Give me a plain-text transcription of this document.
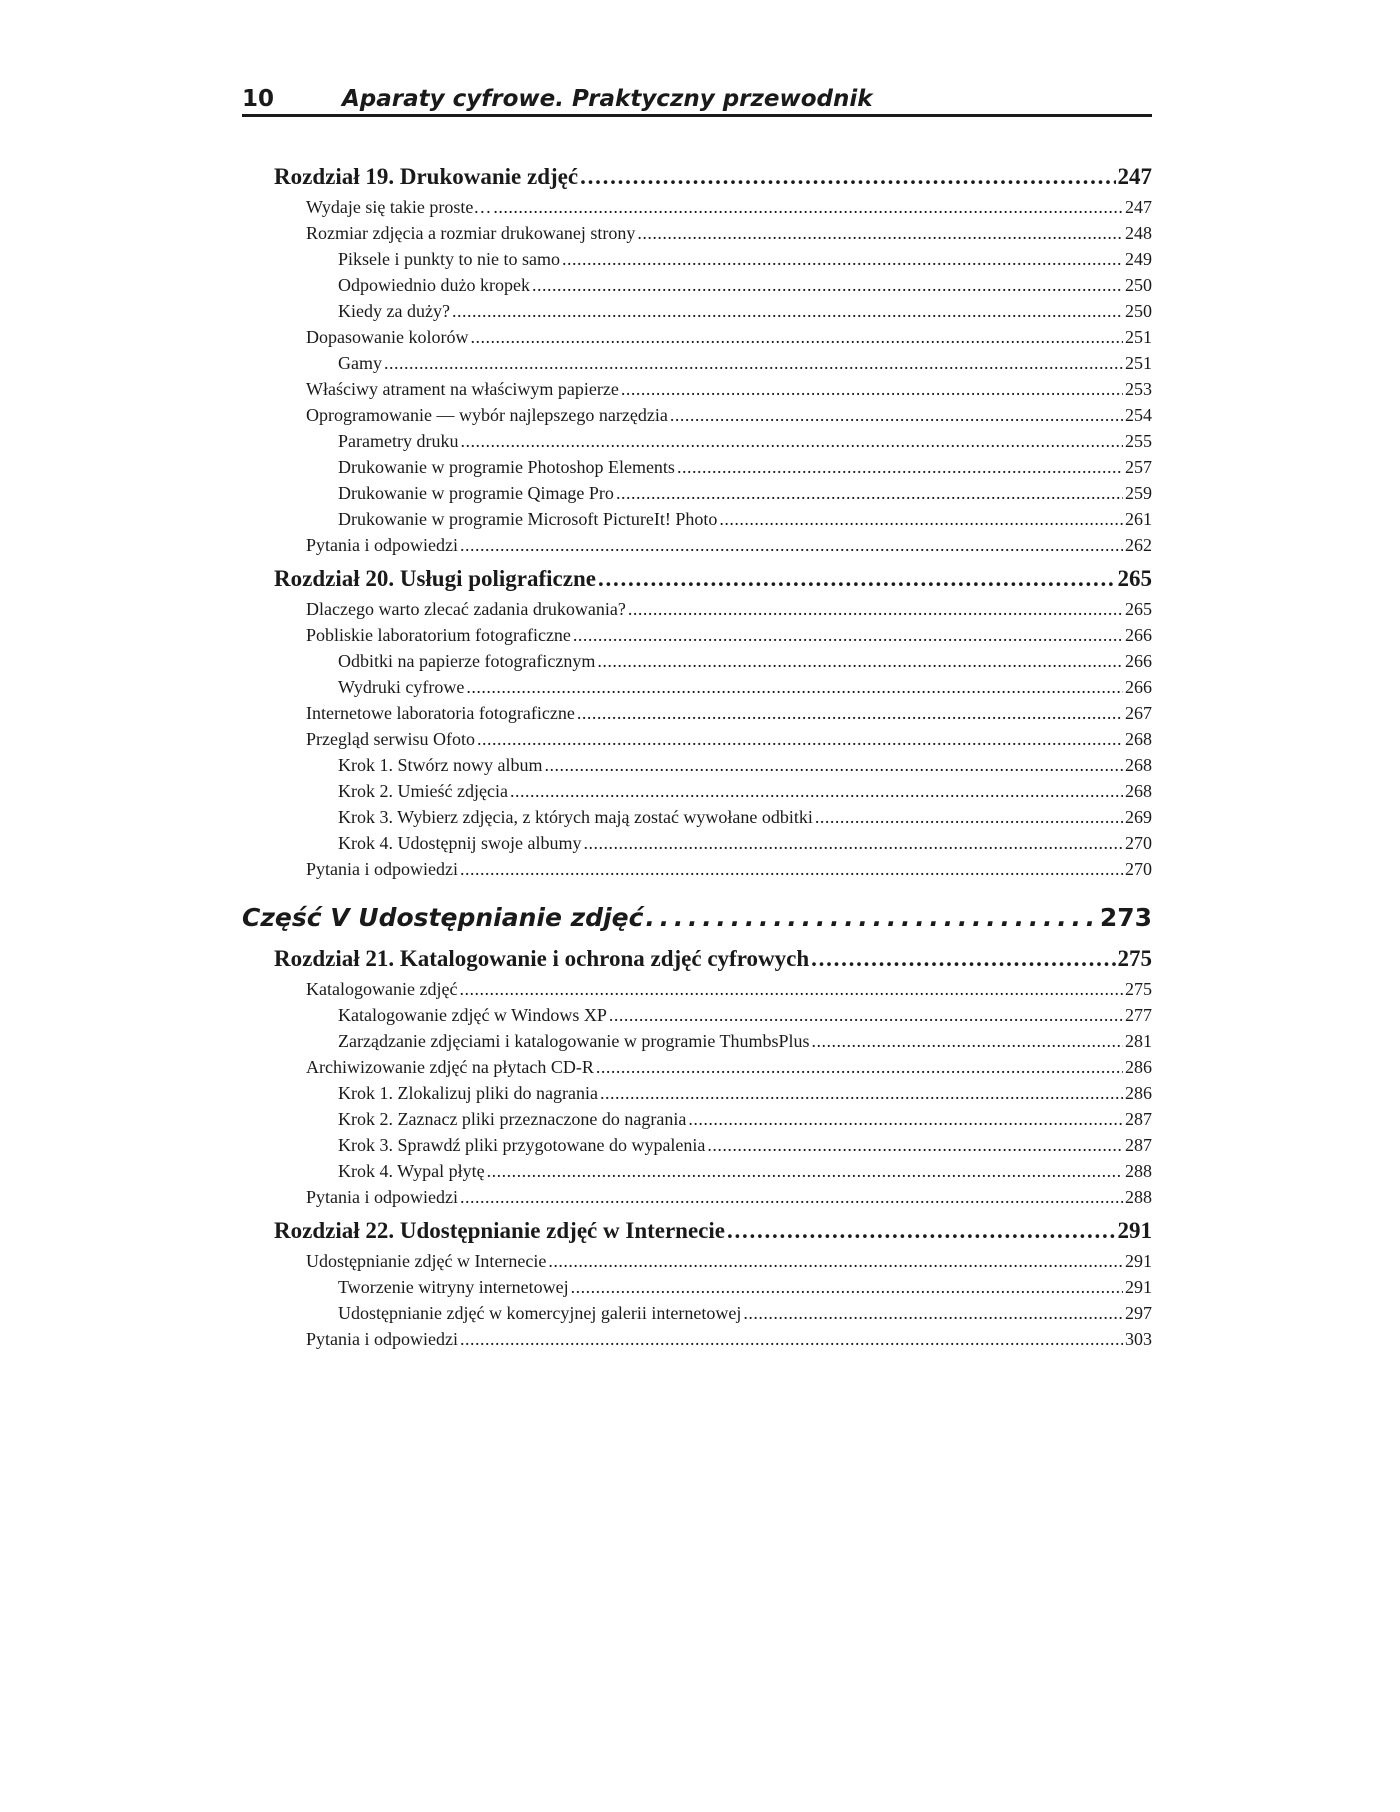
10	Aparaty cyfrowe. Praktyczny przewodnik
Rozdział 19. Drukowanie zdjęć . . .	247
Wydaje się takie proste… . . .	247
Rozmiar zdjęcia a rozmiar drukowanej strony . . .	248
Piksele i punkty to nie to samo . . .	249
Odpowiednio dużo kropek . . .	250
Kiedy za duży? . . .	250
Dopasowanie kolorów . . .	251
Gamy . . .	251
Właściwy atrament na właściwym papierze . . .	253
Oprogramowanie — wybór najlepszego narzędzia . . .	254
Parametry druku . . .	255
Drukowanie w programie Photoshop Elements . . .	257
Drukowanie w programie Qimage Pro . . .	259
Drukowanie w programie Microsoft PictureIt! Photo . . .	261
Pytania i odpowiedzi . . .	262
Rozdział 20. Usługi poligraficzne . . .	265
Dlaczego warto zlecać zadania drukowania? . . .	265
Pobliskie laboratorium fotograficzne . . .	266
Odbitki na papierze fotograficznym . . .	266
Wydruki cyfrowe . . .	266
Internetowe laboratoria fotograficzne . . .	267
Przegląd serwisu Ofoto . . .	268
Krok 1. Stwórz nowy album . . .	268
Krok 2. Umieść zdjęcia . . .	268
Krok 3. Wybierz zdjęcia, z których mają zostać wywołane odbitki . . .	269
Krok 4. Udostępnij swoje albumy . . .	270
Pytania i odpowiedzi . . .	270
Część V Udostępnianie zdjęć . . .	273
Rozdział 21. Katalogowanie i ochrona zdjęć cyfrowych . . .	275
Katalogowanie zdjęć . . .	275
Katalogowanie zdjęć w Windows XP . . .	277
Zarządzanie zdjęciami i katalogowanie w programie ThumbsPlus . . .	281
Archiwizowanie zdjęć na płytach CD-R . . .	286
Krok 1. Zlokalizuj pliki do nagrania . . .	286
Krok 2. Zaznacz pliki przeznaczone do nagrania . . .	287
Krok 3. Sprawdź pliki przygotowane do wypalenia . . .	287
Krok 4. Wypal płytę . . .	288
Pytania i odpowiedzi . . .	288
Rozdział 22. Udostępnianie zdjęć w Internecie . . .	291
Udostępnianie zdjęć w Internecie . . .	291
Tworzenie witryny internetowej . . .	291
Udostępnianie zdjęć w komercyjnej galerii internetowej . . .	297
Pytania i odpowiedzi . . .	303
